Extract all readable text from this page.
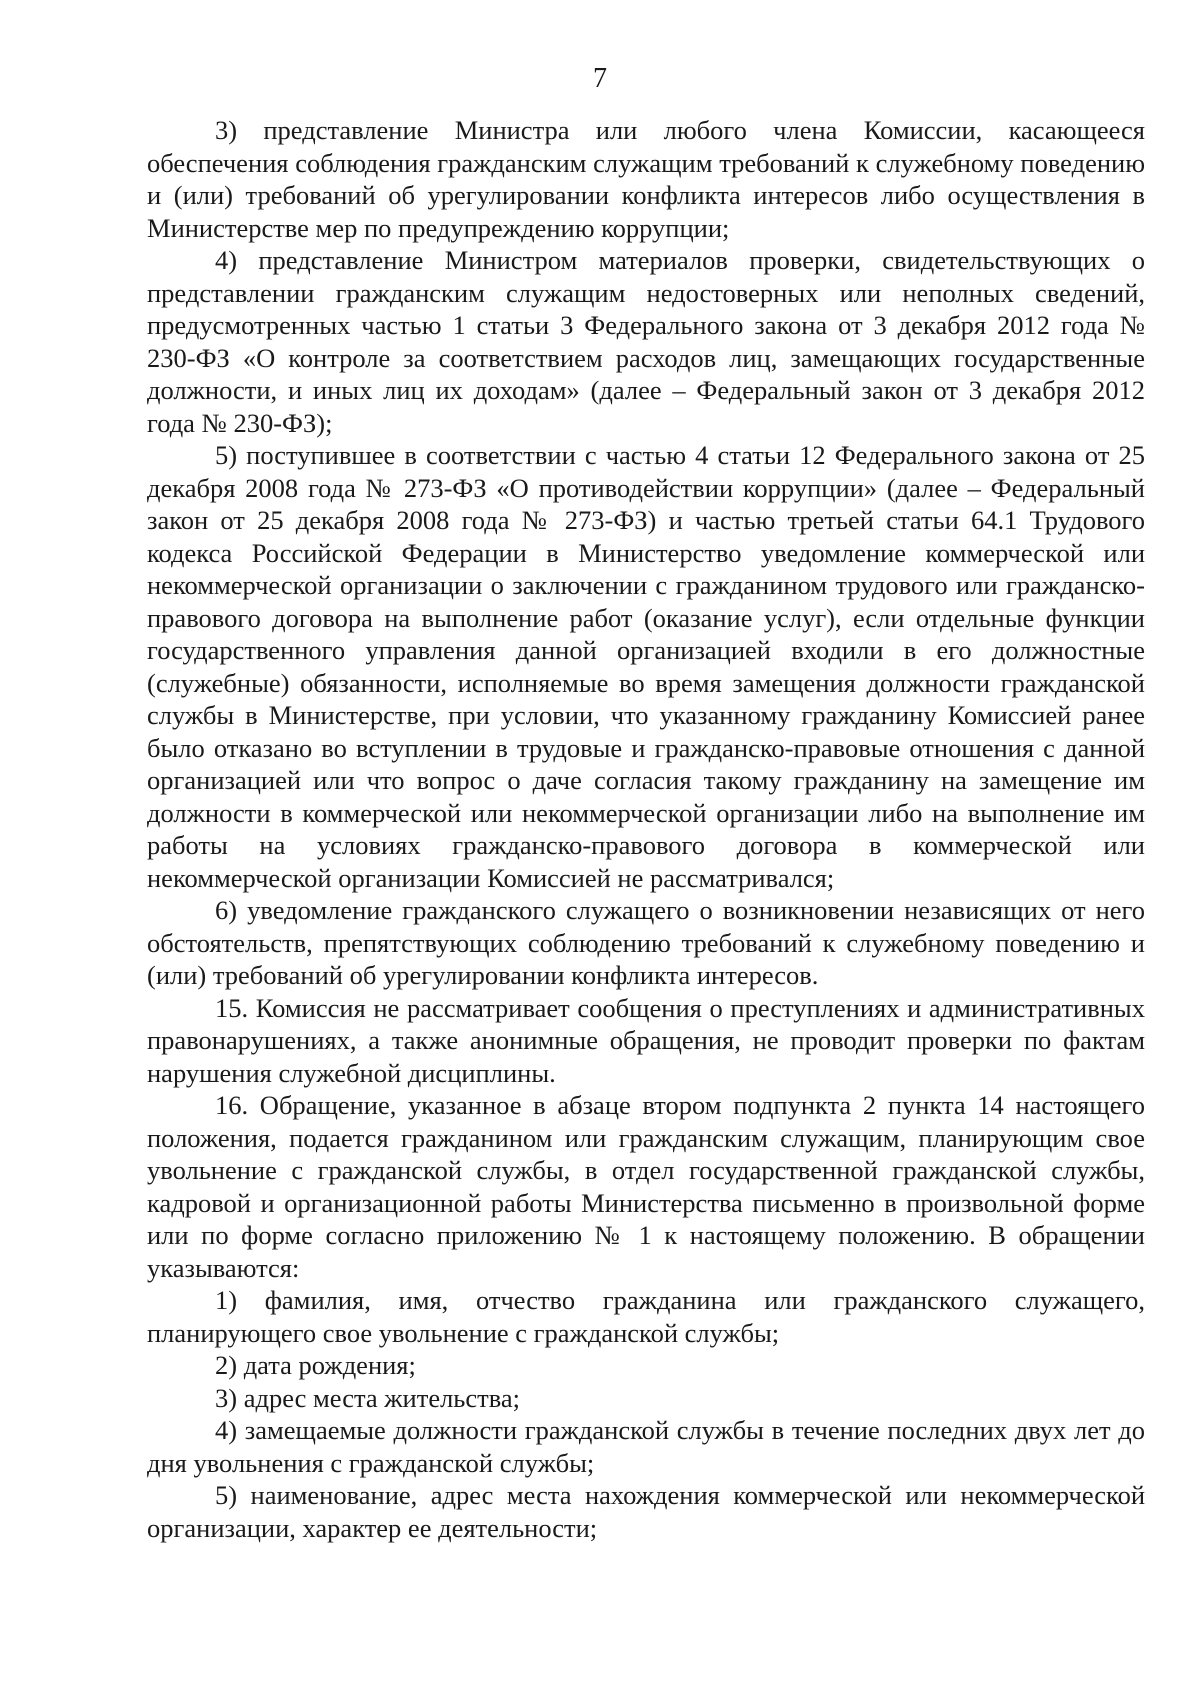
7

3) представление Министра или любого члена Комиссии, касающееся обеспечения соблюдения гражданским служащим требований к служебному поведению и (или) требований об урегулировании конфликта интересов либо осуществления в Министерстве мер по предупреждению коррупции;

4) представление Министром материалов проверки, свидетельствующих о представлении гражданским служащим недостоверных или неполных сведений, предусмотренных частью 1 статьи 3 Федерального закона от 3 декабря 2012 года № 230-ФЗ «О контроле за соответствием расходов лиц, замещающих государственные должности, и иных лиц их доходам» (далее – Федеральный закон от 3 декабря 2012 года № 230-ФЗ);

5) поступившее в соответствии с частью 4 статьи 12 Федерального закона от 25 декабря 2008 года № 273-ФЗ «О противодействии коррупции» (далее – Федеральный закон от 25 декабря 2008 года № 273-ФЗ) и частью третьей статьи 64.1 Трудового кодекса Российской Федерации в Министерство уведомление коммерческой или некоммерческой организации о заключении с гражданином трудового или гражданско-правового договора на выполнение работ (оказание услуг), если отдельные функции государственного управления данной организацией входили в его должностные (служебные) обязанности, исполняемые во время замещения должности гражданской службы в Министерстве, при условии, что указанному гражданину Комиссией ранее было отказано во вступлении в трудовые и гражданско-правовые отношения с данной организацией или что вопрос о даче согласия такому гражданину на замещение им должности в коммерческой или некоммерческой организации либо на выполнение им работы на условиях гражданско-правового договора в коммерческой или некоммерческой организации Комиссией не рассматривался;

6) уведомление гражданского служащего о возникновении независящих от него обстоятельств, препятствующих соблюдению требований к служебному поведению и (или) требований об урегулировании конфликта интересов.

15. Комиссия не рассматривает сообщения о преступлениях и административных правонарушениях, а также анонимные обращения, не проводит проверки по фактам нарушения служебной дисциплины.

16. Обращение, указанное в абзаце втором подпункта 2 пункта 14 настоящего положения, подается гражданином или гражданским служащим, планирующим свое увольнение с гражданской службы, в отдел государственной гражданской службы, кадровой и организационной работы Министерства письменно в произвольной форме или по форме согласно приложению № 1 к настоящему положению. В обращении указываются:

1) фамилия, имя, отчество гражданина или гражданского служащего, планирующего свое увольнение с гражданской службы;

2) дата рождения;

3) адрес места жительства;

4) замещаемые должности гражданской службы в течение последних двух лет до дня увольнения с гражданской службы;

5) наименование, адрес места нахождения коммерческой или некоммерческой организации, характер ее деятельности;
